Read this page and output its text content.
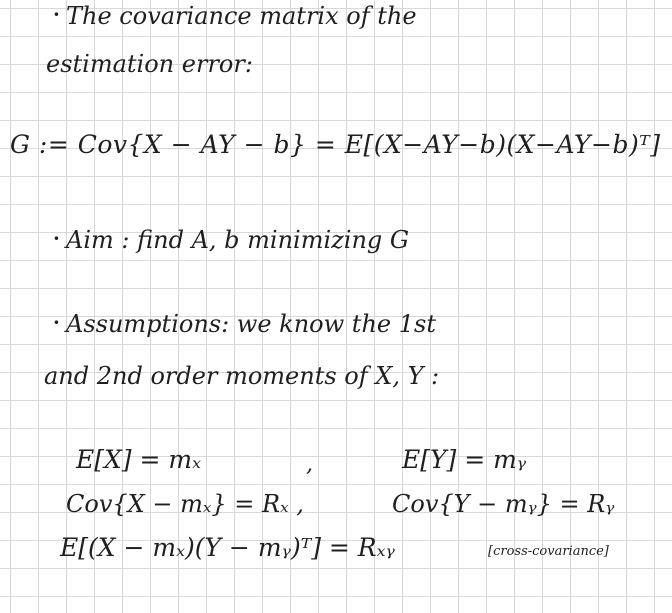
· The covariance matrix of the
estimation error:
G := Cov{X − AY − b} = E[(X−AY−b)(X−AY−b)ᵀ]
· Aim : find A, b minimizing G
· Assumptions: we know the 1st
and 2nd order moments of X, Y :
E[X] = mₓ	,	E[Y] = mᵧ
Cov{X − mₓ} = Rₓ ,	Cov{Y − mᵧ} = Rᵧ
E[(X − mₓ)(Y − mᵧ)ᵀ] = Rₓᵧ	[cross-covariance]
